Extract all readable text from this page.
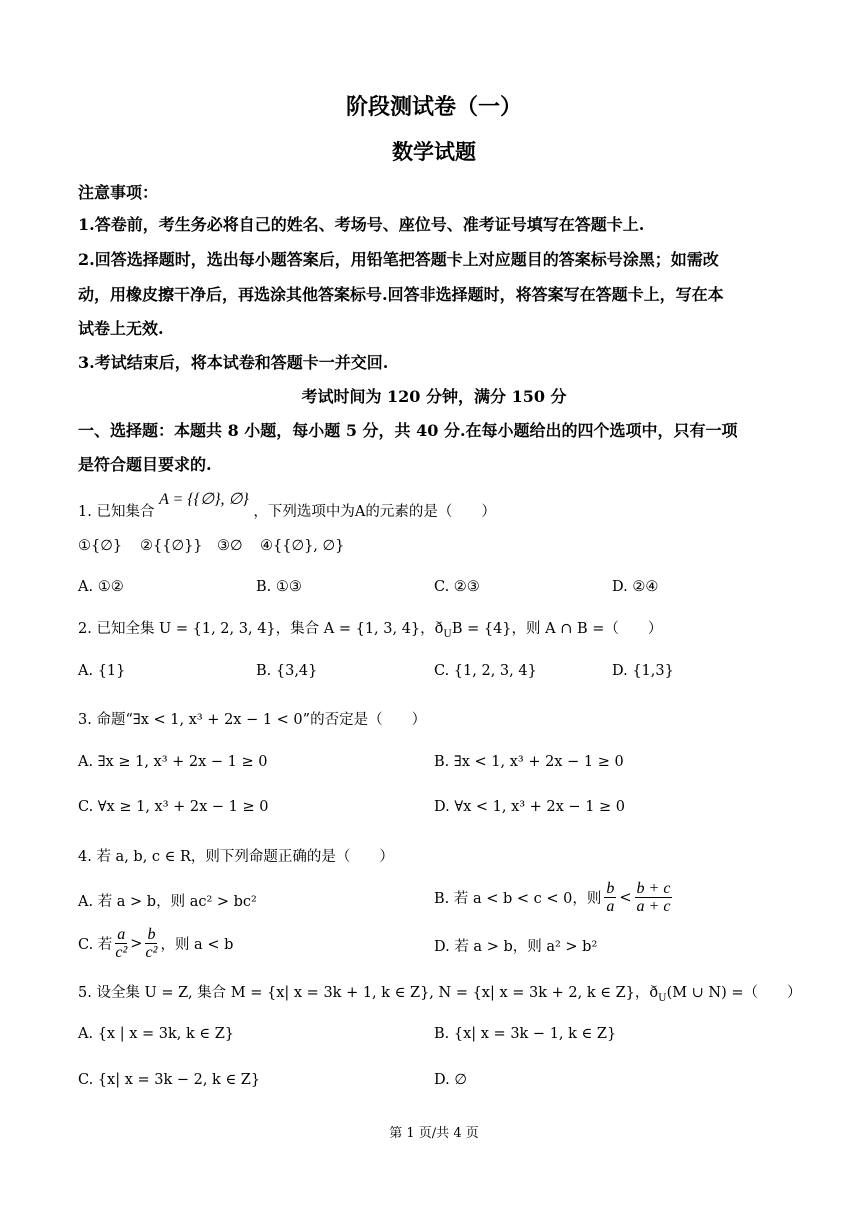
阶段测试卷（一）
数学试题
注意事项：
1.答卷前，考生务必将自己的姓名、考场号、座位号、准考证号填写在答题卡上.
2.回答选择题时，选出每小题答案后，用铅笔把答题卡上对应题目的答案标号涂黑；如需改
动，用橡皮擦干净后，再选涂其他答案标号.回答非选择题时，将答案写在答题卡上，写在本
试卷上无效.
3.考试结束后，将本试卷和答题卡一并交回.
考试时间为 120 分钟，满分 150 分
一、选择题：本题共 8 小题，每小题 5 分，共 40 分.在每小题给出的四个选项中，只有一项
是符合题目要求的.
1. 已知集合 A = {{∅}, ∅} ，下列选项中为A的元素的是（　　）
①{∅} ②{{∅}} ③∅ ④{{∅}, ∅}
A. ①②	B. ①③	C. ②③	D. ②④
2. 已知全集 U = {1, 2, 3, 4}，集合 A = {1, 3, 4}，$ð_UB = \{4\}$，则 A ∩ B =（　　）
A. {1}	B. {3,4}	C. {1, 2, 3, 4}	D. {1,3}
3. 命题“∃x < 1, x³ + 2x − 1 < 0”的否定是（　　）
A. ∃x ≥ 1, x³ + 2x − 1 ≥ 0	B. ∃x < 1, x³ + 2x − 1 ≥ 0
C. ∀x ≥ 1, x³ + 2x − 1 ≥ 0	D. ∀x < 1, x³ + 2x − 1 ≥ 0
4. 若 a, b, c ∈ R，则下列命题正确的是（　　）
A. 若 a > b，则 ac² > bc²	B. 若 a < b < c < 0，则 $\frac{b}{a} < \frac{b + c}{a + c}$
C. 若 $\frac{a}{\text{c²}} > \frac{b}{\text{c²}}$ ，则 a < b	D. 若 a > b，则 a² > b²
5. 设全集 U = Z, 集合 M = {x| x = 3k + 1, k ∈ Z}, N = {x| x = 3k + 2, k ∈ Z}，$ð_U(M$ ∪ N) =（　　）
A. {x | x = 3k, k ∈ Z}	B. {x| x = 3k − 1, k ∈ Z}
C. {x| x = 3k − 2, k ∈ Z}	D. ∅
第 1 页/共 4 页
